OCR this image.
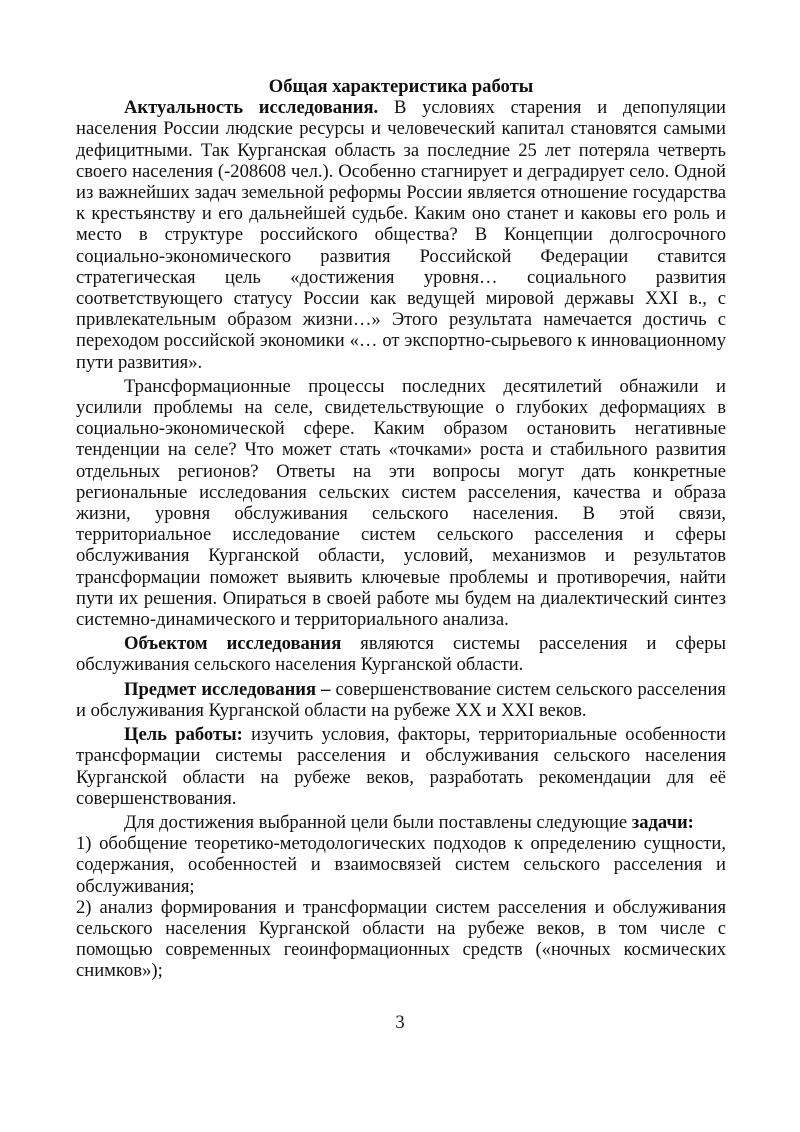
Общая характеристика работы

Актуальность исследования. В условиях старения и депопуляции населения России людские ресурсы и человеческий капитал становятся самыми дефицитными. Так Курганская область за последние 25 лет потеряла четверть своего населения (-208608 чел.). Особенно стагнирует и деградирует село. Одной из важнейших задач земельной реформы России является отношение государства к крестьянству и его дальнейшей судьбе. Каким оно станет и каковы его роль и место в структуре российского общества? В Концепции долгосрочного социально-экономического развития Российской Федерации ставится стратегическая цель «достижения уровня… социального развития соответствующего статусу России как ведущей мировой державы XXI в., с привлекательным образом жизни…» Этого результата намечается достичь с переходом российской экономики «… от экспортно-сырьевого к инновационному пути развития».

Трансформационные процессы последних десятилетий обнажили и усилили проблемы на селе, свидетельствующие о глубоких деформациях в социально-экономической сфере. Каким образом остановить негативные тенденции на селе? Что может стать «точками» роста и стабильного развития отдельных регионов? Ответы на эти вопросы могут дать конкретные региональные исследования сельских систем расселения, качества и образа жизни, уровня обслуживания сельского населения. В этой связи, территориальное исследование систем сельского расселения и сферы обслуживания Курганской области, условий, механизмов и результатов трансформации поможет выявить ключевые проблемы и противоречия, найти пути их решения. Опираться в своей работе мы будем на диалектический синтез системно-динамического и территориального анализа.

Объектом исследования являются системы расселения и сферы обслуживания сельского населения Курганской области.

Предмет исследования – совершенствование систем сельского расселения и обслуживания Курганской области на рубеже XX и XXI веков.

Цель работы: изучить условия, факторы, территориальные особенности трансформации системы расселения и обслуживания сельского населения Курганской области на рубеже веков, разработать рекомендации для её совершенствования.

Для достижения выбранной цели были поставлены следующие задачи:

1) обобщение теоретико-методологических подходов к определению сущности, содержания, особенностей и взаимосвязей систем сельского расселения и обслуживания;

2) анализ формирования и трансформации систем расселения и обслуживания сельского населения Курганской области на рубеже веков, в том числе с помощью современных геоинформационных средств («ночных космических снимков»);

3
